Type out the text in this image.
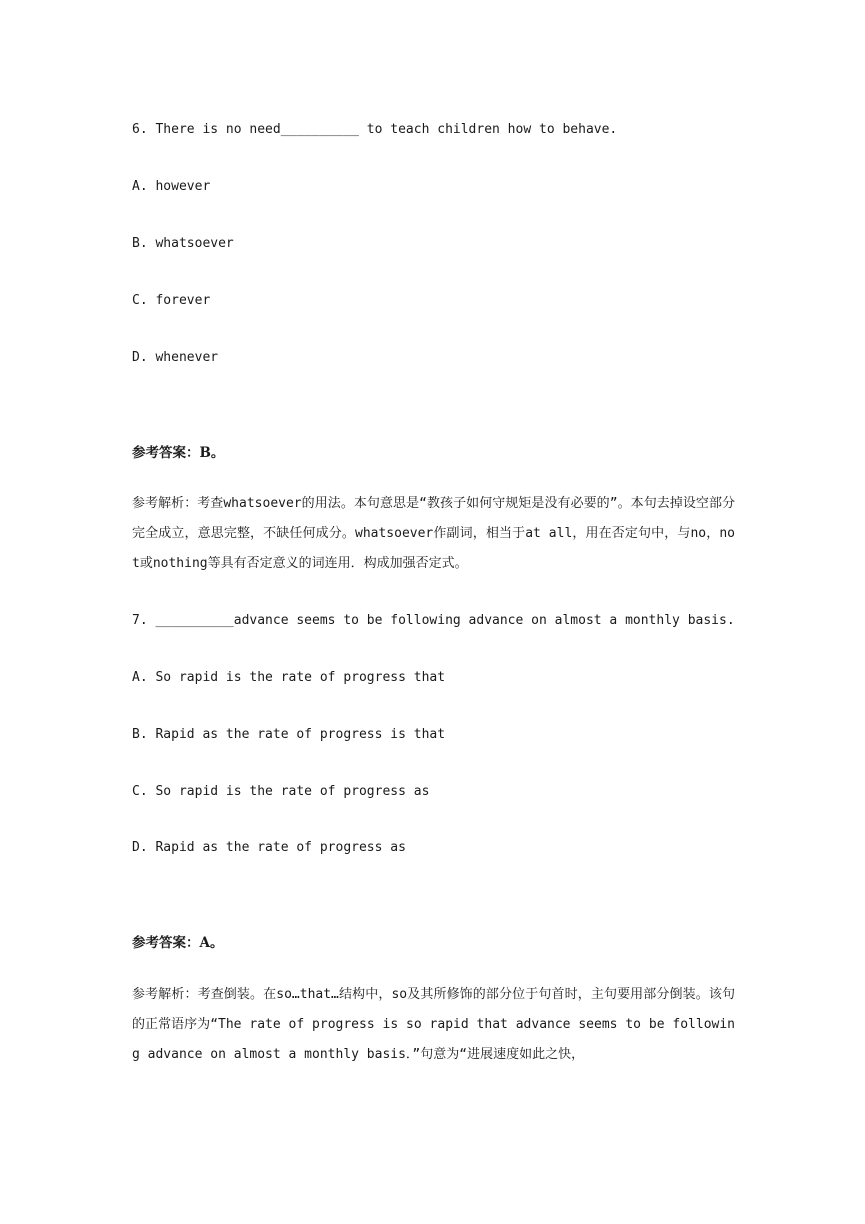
6. There is no need__________ to teach children how to behave.
A. however
B. whatsoever
C. forever
D. whenever
参考答案：B。
参考解析：考查whatsoever的用法。本句意思是“教孩子如何守规矩是没有必要的”。本句去掉设空部分完全成立，意思完整，不缺任何成分。whatsoever作副词，相当于at all，用在否定句中，与no，not或nothing等具有否定意义的词连用．构成加强否定式。
7. __________advance seems to be following advance on almost a monthly basis.
A. So rapid is the rate of progress that
B. Rapid as the rate of progress is that
C. So rapid is the rate of progress as
D. Rapid as the rate of progress as
参考答案：A。
参考解析：考查倒装。在so…that…结构中，so及其所修饰的部分位于句首时，主句要用部分倒装。该句的正常语序为“The rate of progress is so rapid that advance seems to be following advance on almost a monthly basis．”句意为“进展速度如此之快，
